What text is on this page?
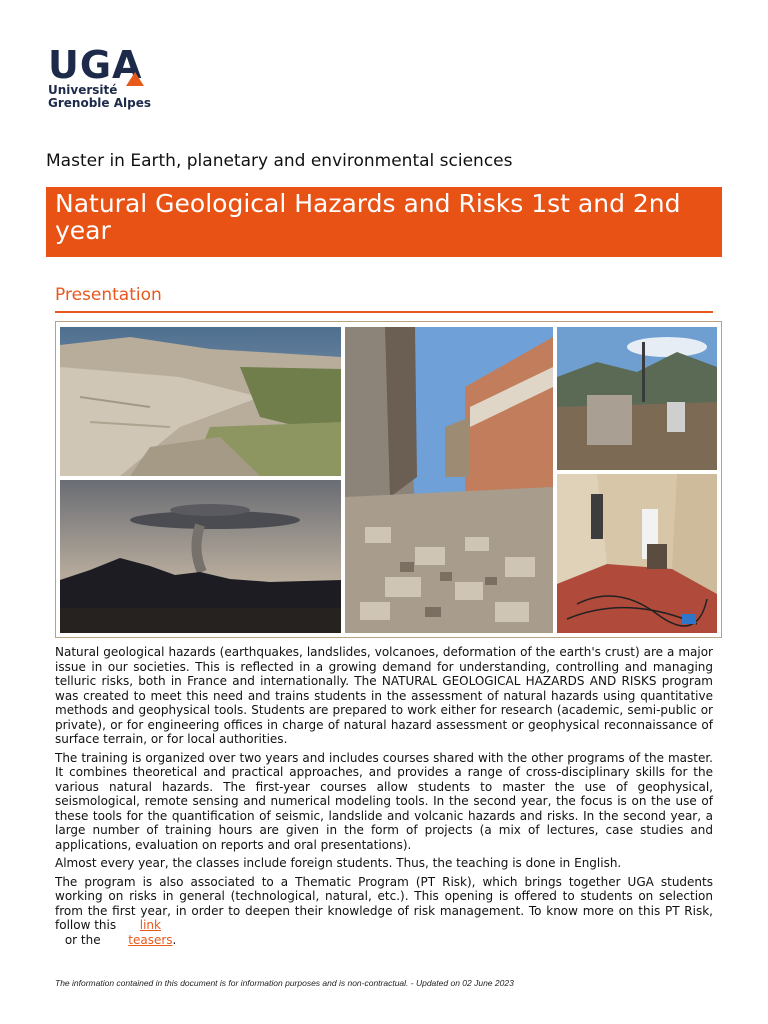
UGA
Université
Grenoble Alpes
Master in Earth, planetary and environmental sciences
Natural Geological Hazards and Risks 1st and 2nd year
Presentation

Natural geological hazards (earthquakes, landslides, volcanoes, deformation of the earth's crust) are a major issue in our societies. This is reflected in a growing demand for understanding, controlling and managing telluric risks, both in France and internationally. The NATURAL GEOLOGICAL HAZARDS AND RISKS program was created to meet this need and trains students in the assessment of natural hazards using quantitative methods and geophysical tools. Students are prepared to work either for research (academic, semi-public or private), or for engineering offices in charge of natural hazard assessment or geophysical reconnaissance of surface terrain, or for local authorities.

The training is organized over two years and includes courses shared with the other programs of the master. It combines theoretical and practical approaches, and provides a range of cross-disciplinary skills for the various natural hazards. The first-year courses allow students to master the use of geophysical, seismological, remote sensing and numerical modeling tools. In the second year, the focus is on the use of these tools for the quantification of seismic, landslide and volcanic hazards and risks. In the second year, a large number of training hours are given in the form of projects (a mix of lectures, case studies and applications, evaluation on reports and oral presentations).

Almost every year, the classes include foreign students. Thus, the teaching is done in English.

The program is also associated to a Thematic Program (PT Risk), which brings together UGA students working on risks in general (technological, natural, etc.). This opening is offered to students on selection from the first year, in order to deepen their knowledge of risk management. To know more on this PT Risk, follow this link
or the teasers.

The information contained in this document is for information purposes and is non-contractual. - Updated on 02 June 2023
